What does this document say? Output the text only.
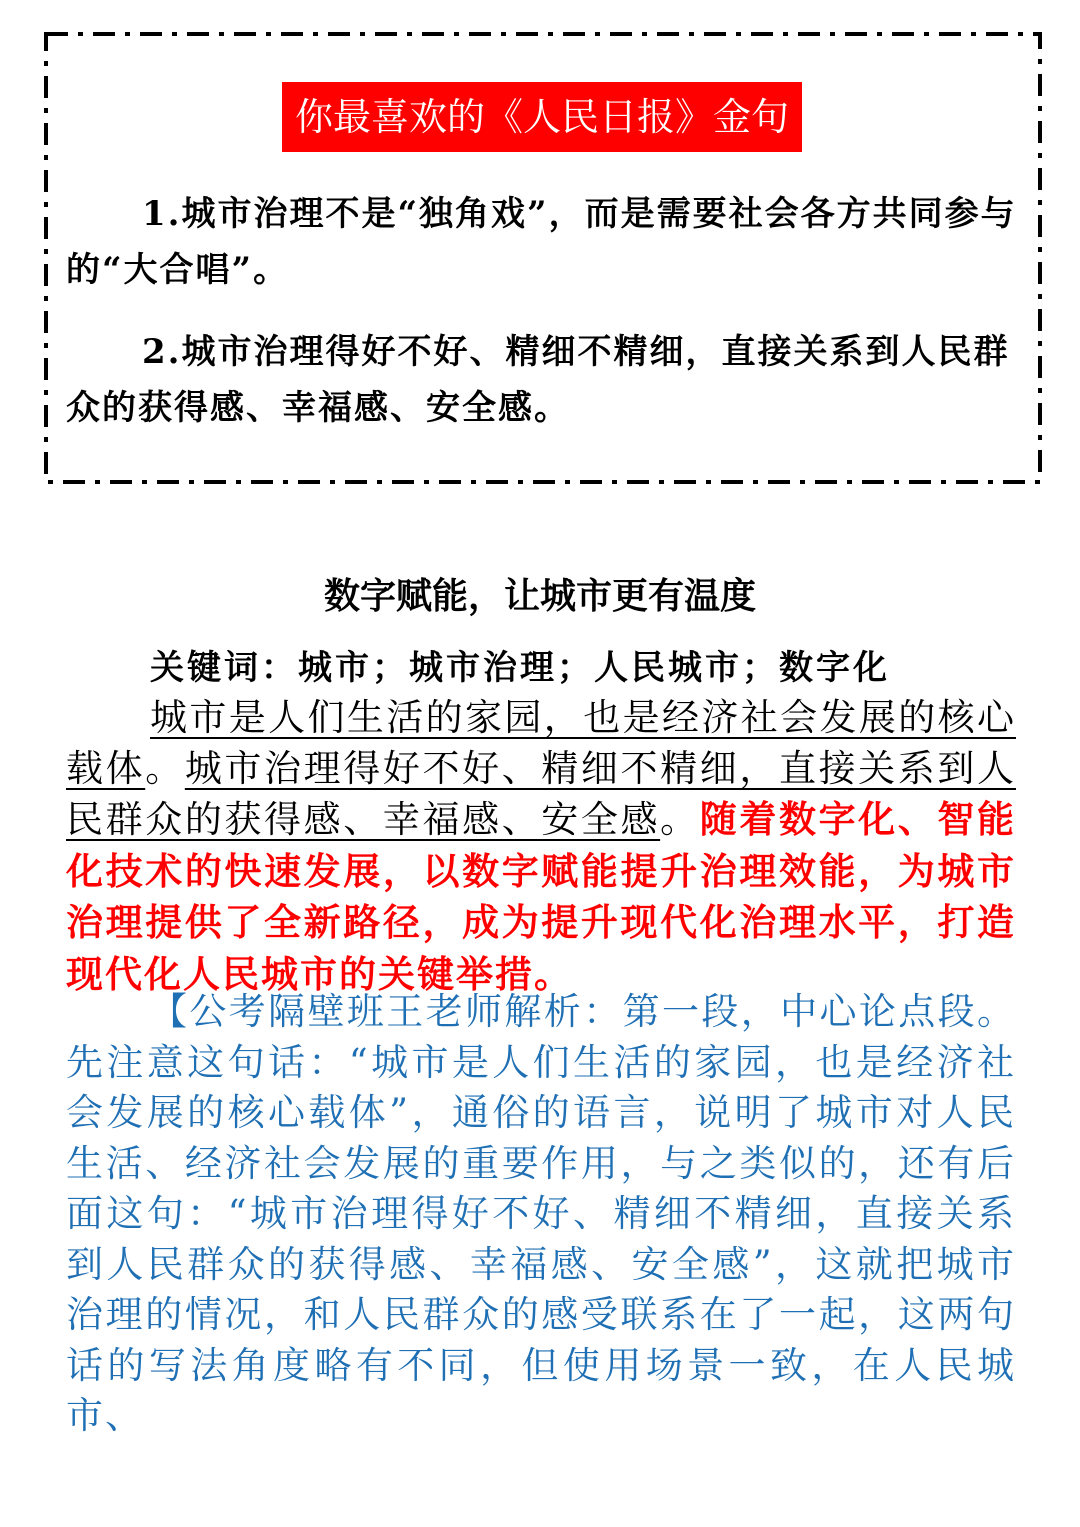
你最喜欢的《人民日报》金句
1.城市治理不是“独角戏”，而是需要社会各方共同参与的“大合唱”。
2.城市治理得好不好、精细不精细，直接关系到人民群众的获得感、幸福感、安全感。
数字赋能，让城市更有温度
关键词：城市；城市治理；人民城市；数字化
城市是人们生活的家园，也是经济社会发展的核心载体。城市治理得好不好、精细不精细，直接关系到人民群众的获得感、幸福感、安全感。随着数字化、智能化技术的快速发展，以数字赋能提升治理效能，为城市治理提供了全新路径，成为提升现代化治理水平，打造现代化人民城市的关键举措。
【公考隔壁班王老师解析：第一段，中心论点段。先注意这句话：“城市是人们生活的家园，也是经济社会发展的核心载体”，通俗的语言，说明了城市对人民生活、经济社会发展的重要作用，与之类似的，还有后面这句：“城市治理得好不好、精细不精细，直接关系到人民群众的获得感、幸福感、安全感”，这就把城市治理的情况，和人民群众的感受联系在了一起，这两句话的写法角度略有不同，但使用场景一致，在人民城市、
